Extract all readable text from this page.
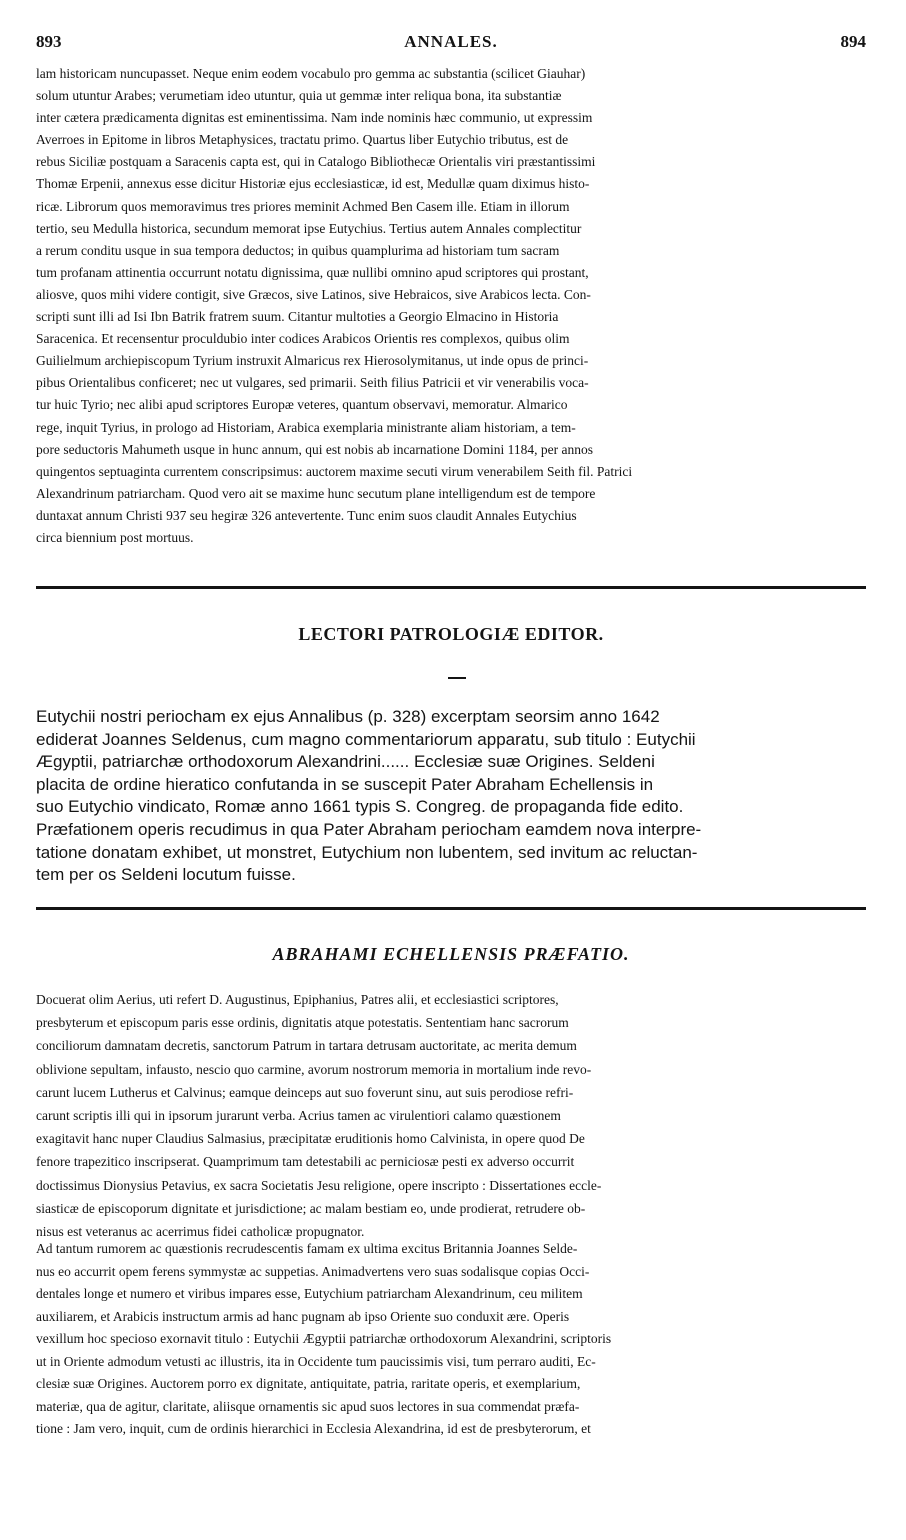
893	ANNALES.	894
lam historicam nuncupasset. Neque enim eodem vocabulo pro gemma ac substantia (scilicet Giauhar)
solum utuntur Arabes; verumetiam ideo utuntur, quia ut gemmæ inter reliqua bona, ita substantiæ
inter cætera prædicamenta dignitas est eminentissima. Nam inde nominis hæc communio, ut expressim
Averroes in Epitome in libros Metaphysices, tractatu primo. Quartus liber Eutychio tributus, est de
rebus Siciliæ postquam a Saracenis capta est, qui in Catalogo Bibliothecæ Orientalis viri præstantissimi
Thomæ Erpenii, annexus esse dicitur Historiæ ejus ecclesiasticæ, id est, Medullæ quam diximus histo-
ricæ. Librorum quos memoravimus tres priores meminit Achmed Ben Casem ille. Etiam in illorum
tertio, seu Medulla historica, secundum memorat ipse Eutychius. Tertius autem Annales complectitur
a rerum conditu usque in sua tempora deductos; in quibus quamplurima ad historiam tum sacram
tum profanam attinentia occurrunt notatu dignissima, quæ nullibi omnino apud scriptores qui prostant,
aliosve, quos mihi videre contigit, sive Græcos, sive Latinos, sive Hebraicos, sive Arabicos lecta. Con-
scripti sunt illi ad Isi Ibn Batrik fratrem suum. Citantur multoties a Georgio Elmacino in Historia
Saracenica. Et recensentur proculdubio inter codices Arabicos Orientis res complexos, quibus olim
Guilielmum archiepiscopum Tyrium instruxit Almaricus rex Hierosolymitanus, ut inde opus de princi-
pibus Orientalibus conficeret; nec ut vulgares, sed primarii. Seith filius Patricii et vir venerabilis voca-
tur huic Tyrio; nec alibi apud scriptores Europæ veteres, quantum observavi, memoratur. Almarico
rege, inquit Tyrius, in prologo ad Historiam, Arabica exemplaria ministrante aliam historiam, a tem-
pore seductoris Mahumeth usque in hunc annum, qui est nobis ab incarnatione Domini 1184, per annos
quingentos septuaginta currentem conscripsimus: auctorem maxime secuti virum venerabilem Seith fil. Patrici
Alexandrinum patriarcham. Quod vero ait se maxime hunc secutum plane intelligendum est de tempore
duntaxat annum Christi 937 seu hegiræ 326 antevertente. Tunc enim suos claudit Annales Eutychius
circa biennium post mortuus.
LECTORI PATROLOGIÆ EDITOR.
Eutychii nostri periocham ex ejus Annalibus (p. 328) excerptam seorsim anno 1642
ediderat Joannes Seldenus, cum magno commentariorum apparatu, sub titulo : Eutychii
Ægyptii, patriarchæ orthodoxorum Alexandrini...... Ecclesiæ suæ Origines. Seldeni
placita de ordine hieratico confutanda in se suscepit Pater Abraham Echellensis in
suo Eutychio vindicato, Romæ anno 1661 typis S. Congreg. de propaganda fide edito.
Præfationem operis recudimus in qua Pater Abraham periocham eamdem nova interpre-
tatione donatam exhibet, ut monstret, Eutychium non lubentem, sed invitum ac reluctan-
tem per os Seldeni locutum fuisse.
ABRAHAMI ECHELLENSIS PRÆFATIO.
Docuerat olim Aerius, uti refert D. Augustinus, Epiphanius, Patres alii, et ecclesiastici scriptores,
presbyterum et episcopum paris esse ordinis, dignitatis atque potestatis. Sententiam hanc sacrorum
conciliorum damnatam decretis, sanctorum Patrum in tartara detrusam auctoritate, ac merita demum
oblivione sepultam, infausto, nescio quo carmine, avorum nostrorum memoria in mortalium inde revo-
carunt lucem Lutherus et Calvinus; eamque deinceps aut suo foverunt sinu, aut suis perodiose refri-
carunt scriptis illi qui in ipsorum jurarunt verba. Acrius tamen ac virulentiori calamo quæstionem
exagitavit hanc nuper Claudius Salmasius, præcipitatæ eruditionis homo Calvinista, in opere quod De
fenore trapezitico inscripserat. Quamprimum tam detestabili ac perniciosæ pesti ex adverso occurrit
doctissimus Dionysius Petavius, ex sacra Societatis Jesu religione, opere inscripto : Dissertationes eccle-
siasticæ de episcoporum dignitate et jurisdictione; ac malam bestiam eo, unde prodierat, retrudere ob-
nisus est veteranus ac acerrimus fidei catholicæ propugnator.
Ad tantum rumorem ac quæstionis recrudescentis famam ex ultima excitus Britannia Joannes Selde-
nus eo accurrit opem ferens symmystæ ac suppetias. Animadvertens vero suas sodalisque copias Occi-
dentales longe et numero et viribus impares esse, Eutychium patriarcham Alexandrinum, ceu militem
auxiliarem, et Arabicis instructum armis ad hanc pugnam ab ipso Oriente suo conduxit ære. Operis
vexillum hoc specioso exornavit titulo : Eutychii Ægyptii patriarchæ orthodoxorum Alexandrini, scriptoris
ut in Oriente admodum vetusti ac illustris, ita in Occidente tum paucissimis visi, tum perraro auditi, Ec-
clesiæ suæ Origines. Auctorem porro ex dignitate, antiquitate, patria, raritate operis, et exemplarium,
materiæ, qua de agitur, claritate, aliisque ornamentis sic apud suos lectores in sua commendat præfa-
tione : Jam vero, inquit, cum de ordinis hierarchici in Ecclesia Alexandrina, id est de presbyterorum, et
